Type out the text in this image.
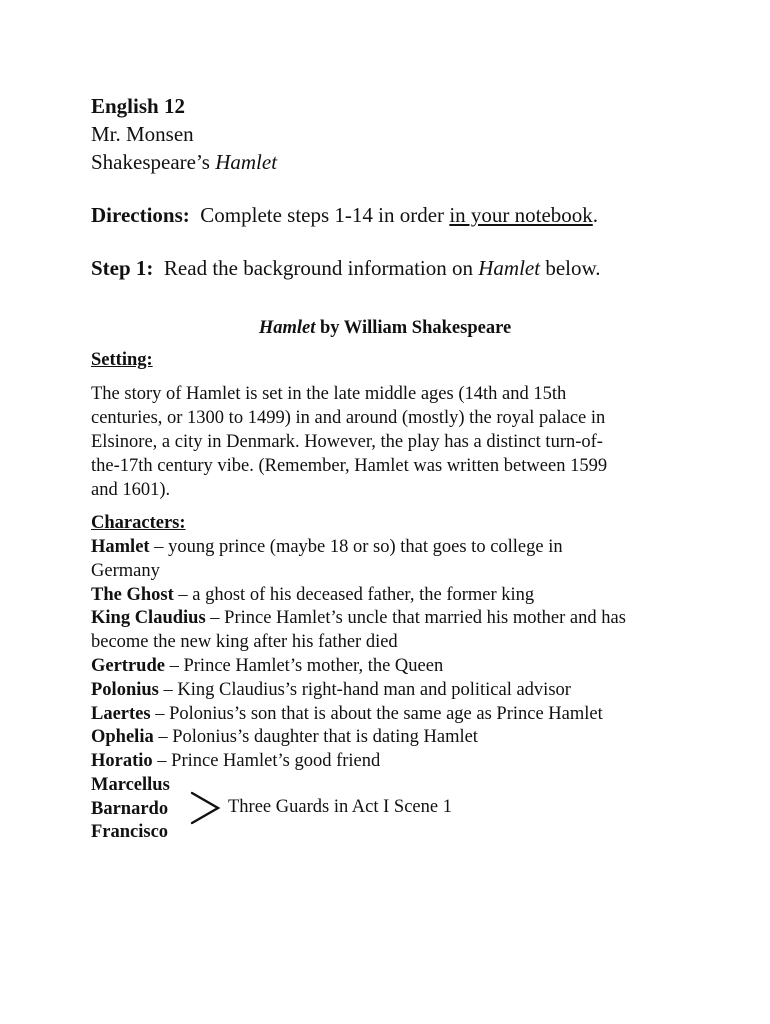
English 12
Mr. Monsen
Shakespeare’s Hamlet
Directions:  Complete steps 1-14 in order in your notebook.
Step 1:  Read the background information on Hamlet below.
Hamlet by William Shakespeare
Setting:
The story of Hamlet is set in the late middle ages (14th and 15th
centuries, or 1300 to 1499) in and around (mostly) the royal palace in
Elsinore, a city in Denmark. However, the play has a distinct turn-of-
the-17th century vibe. (Remember, Hamlet was written between 1599
and 1601).
Characters:
Hamlet – young prince (maybe 18 or so) that goes to college in
Germany
The Ghost – a ghost of his deceased father, the former king
King Claudius – Prince Hamlet’s uncle that married his mother and has
become the new king after his father died
Gertrude – Prince Hamlet’s mother, the Queen
Polonius – King Claudius’s right-hand man and political advisor
Laertes – Polonius’s son that is about the same age as Prince Hamlet
Ophelia – Polonius’s daughter that is dating Hamlet
Horatio – Prince Hamlet’s good friend
Marcellus
Barnardo
Francisco
Three Guards in Act I Scene 1
